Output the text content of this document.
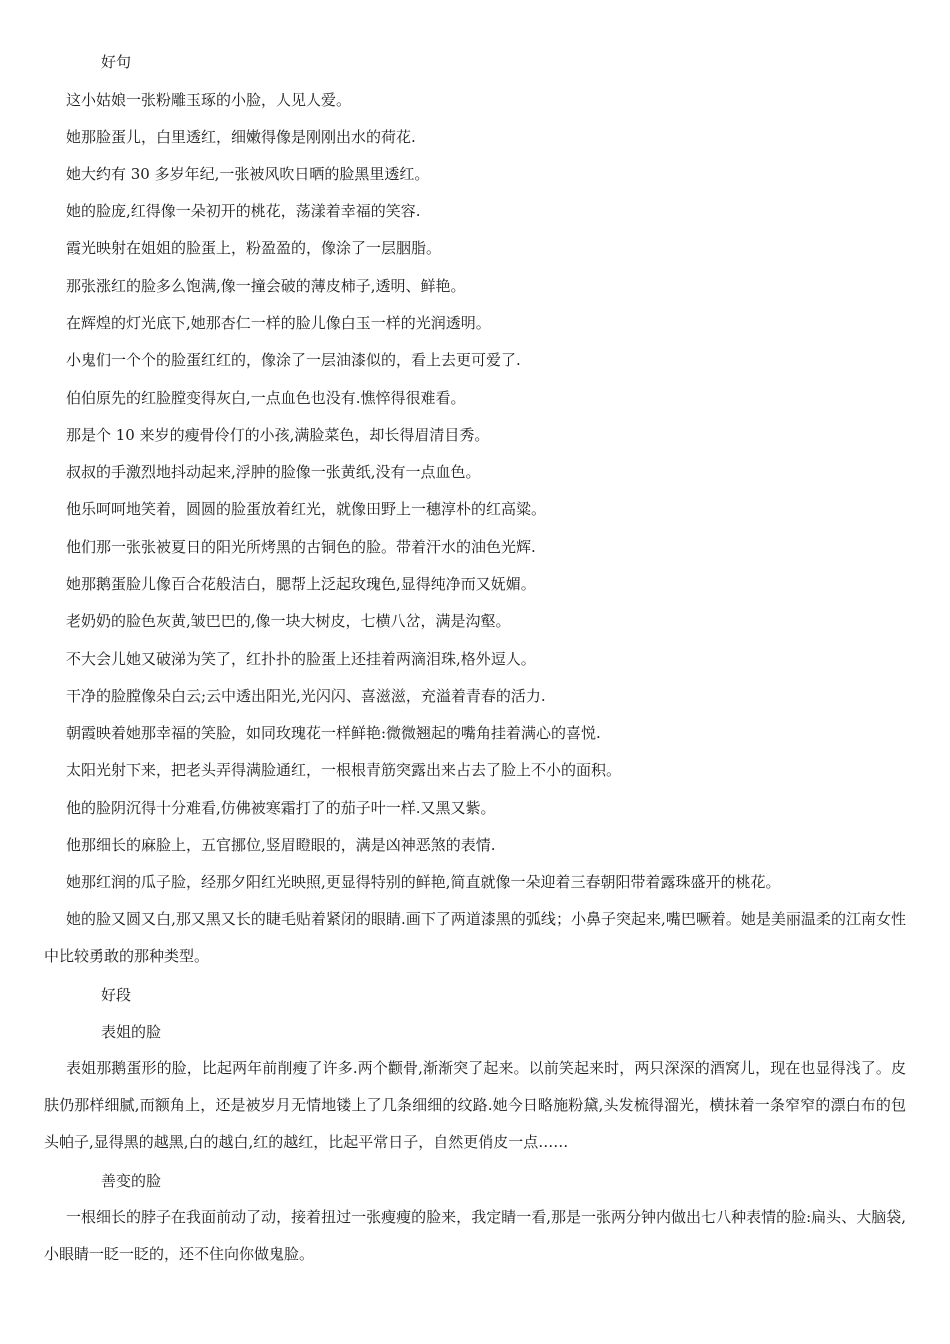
好句
这小姑娘一张粉雕玉琢的小脸，人见人爱。
她那脸蛋儿，白里透红，细嫩得像是刚刚出水的荷花.
她大约有 30 多岁年纪,一张被风吹日晒的脸黑里透红。
她的脸庞,红得像一朵初开的桃花，荡漾着幸福的笑容.
霞光映射在姐姐的脸蛋上，粉盈盈的，像涂了一层胭脂。
那张涨红的脸多么饱满,像一撞会破的薄皮柿子,透明、鲜艳。
在辉煌的灯光底下,她那杏仁一样的脸儿像白玉一样的光润透明。
小鬼们一个个的脸蛋红红的，像涂了一层油漆似的，看上去更可爱了.
伯伯原先的红脸膛变得灰白,一点血色也没有.憔悴得很难看。
那是个 10 来岁的瘦骨伶仃的小孩,满脸菜色，却长得眉清目秀。
叔叔的手激烈地抖动起来,浮肿的脸像一张黄纸,没有一点血色。
他乐呵呵地笑着，圆圆的脸蛋放着红光，就像田野上一穗淳朴的红高粱。
他们那一张张被夏日的阳光所烤黑的古铜色的脸。带着汗水的油色光辉.
她那鹅蛋脸儿像百合花般洁白，腮帮上泛起玫瑰色,显得纯净而又妩媚。
老奶奶的脸色灰黄,皱巴巴的,像一块大树皮，七横八岔，满是沟壑。
不大会儿她又破涕为笑了，红扑扑的脸蛋上还挂着两滴泪珠,格外逗人。
干净的脸膛像朵白云;云中透出阳光,光闪闪、喜滋滋，充溢着青春的活力.
朝霞映着她那幸福的笑脸，如同玫瑰花一样鲜艳:微微翘起的嘴角挂着满心的喜悦.
太阳光射下来，把老头弄得满脸通红，一根根青筋突露出来占去了脸上不小的面积。
他的脸阴沉得十分难看,仿佛被寒霜打了的茄子叶一样.又黑又紫。
他那细长的麻脸上，五官挪位,竖眉瞪眼的，满是凶神恶煞的表情.
她那红润的瓜子脸，经那夕阳红光映照,更显得特别的鲜艳,简直就像一朵迎着三春朝阳带着露珠盛开的桃花。
她的脸又圆又白,那又黑又长的睫毛贴着紧闭的眼睛.画下了两道漆黑的弧线；小鼻子突起来,嘴巴噘着。她是美丽温柔的江南女性中比较勇敢的那种类型。
好段
表姐的脸
表姐那鹅蛋形的脸，比起两年前削瘦了许多.两个颧骨,渐渐突了起来。以前笑起来时，两只深深的酒窝儿，现在也显得浅了。皮肤仍那样细腻,而额角上，还是被岁月无情地镂上了几条细细的纹路.她今日略施粉黛,头发梳得溜光，横抹着一条窄窄的漂白布的包头帕子,显得黑的越黑,白的越白,红的越红，比起平常日子，自然更俏皮一点……
善变的脸
一根细长的脖子在我面前动了动，接着扭过一张瘦瘦的脸来，我定睛一看,那是一张两分钟内做出七八种表情的脸:扁头、大脑袋,小眼睛一眨一眨的，还不住向你做鬼脸。
